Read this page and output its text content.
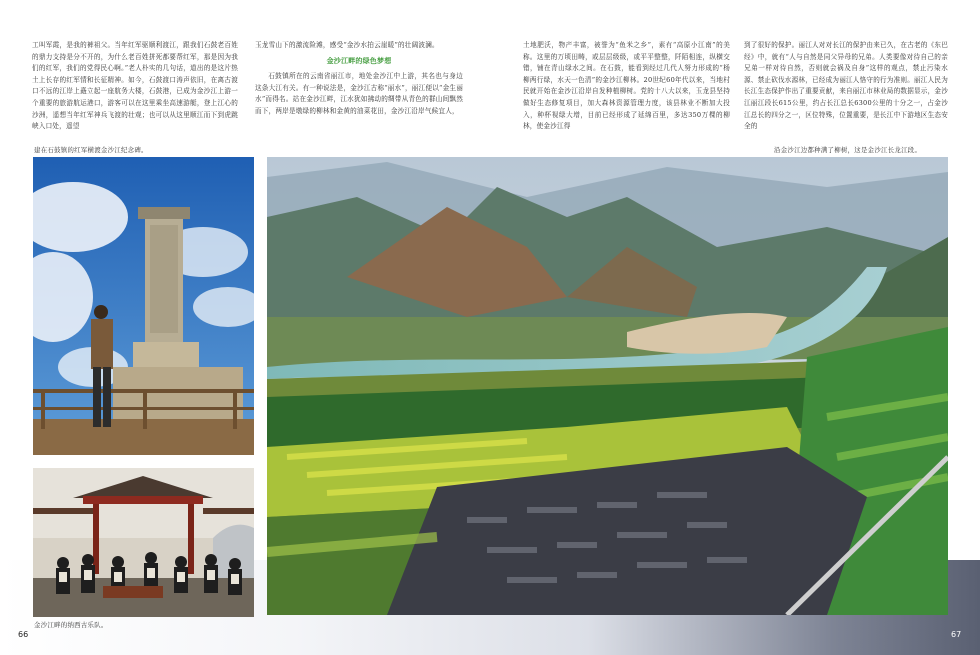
工叫军霞，是我的裤祖父。当年红军驱顺利渡江，跟我们石鼓老百姓的鼎力支持是分不开的，为什么老百姓拼死都要帮红军，那是因为我们的红军，我们的党得民心啊。”老人朴实的几句话，道出的是这片热土上长存的红军情和长征精神。如今，石鼓渡口涛声依旧，在离古渡口不远的江岸上矗立起一座航务大楼，石鼓港，已成为金沙江上游一个重要的旅游航运港口，游客可以在这里乘坐高速游艇，登上江心的沙洲，遥想当年红军神兵飞渡的壮观；也可以从这里顺江而下到虎跳峡入口处，遥望

玉龙雪山下的激流险滩，感受“金沙水拍云崖暖”的壮阔波澜。

金沙江畔的绿色梦想

石鼓镇所在的云南省丽江市，地处金沙江中上游，其名也与身边这条大江有关。有一种说法是，金沙江古称“丽水”，丽江便以“金生丽水”而得名。站在金沙江畔，江水犹如拂动的绸带从青色的群山间飘然而下，两岸是墩绿的柳林和金黄的油菜花田，金沙江沿岸气候宜人，

土地肥沃，物产丰富，被誉为“鱼米之乡”，素有“高原小江南”的美称。这里的万顷田畴，或层层级级，或平平整整，阡陌相连，纵横交错，铺在青山绿水之间。在石鼓，能看到经过几代人努力形成的“杨柳两行绿，水天一色清”的金沙江柳林。20世纪60年代以来，当地村民就开始在金沙江沿岸自发种植柳树。党的十八大以来，玉龙县坚持做好生态修复项目，加大森林资源管理力度，该县林业不断加大投入，种杯视绿大增，目前已经形成了延绵百里，多达350万棵的柳林，使金沙江得

到了很好的保护。丽江人对对长江的保护由来已久，在古老的《东巴经》中，就有“人与自然是同父异母的兄弟。人类要像对待自己的亲兄弟一样对待自然，否则就会祸及自身”这样的观点，禁止污染水源、禁止砍伐水源林，已经成为丽江人恪守的行为准则。丽江人民为长江生态保护作出了重要贡献，来自丽江市林业局的数据显示，金沙江丽江段长615公里，约占长江总长6300公里的十分之一，占金沙江总长的四分之一，区位特殊，位置重要，是长江中下游地区生态安全的

建在石鼓镇的红军横渡金沙江纪念碑。	沿金沙江边都种满了柳树，这是金沙江长龙江段。
金沙江畔的纳西古乐队。
66	67
